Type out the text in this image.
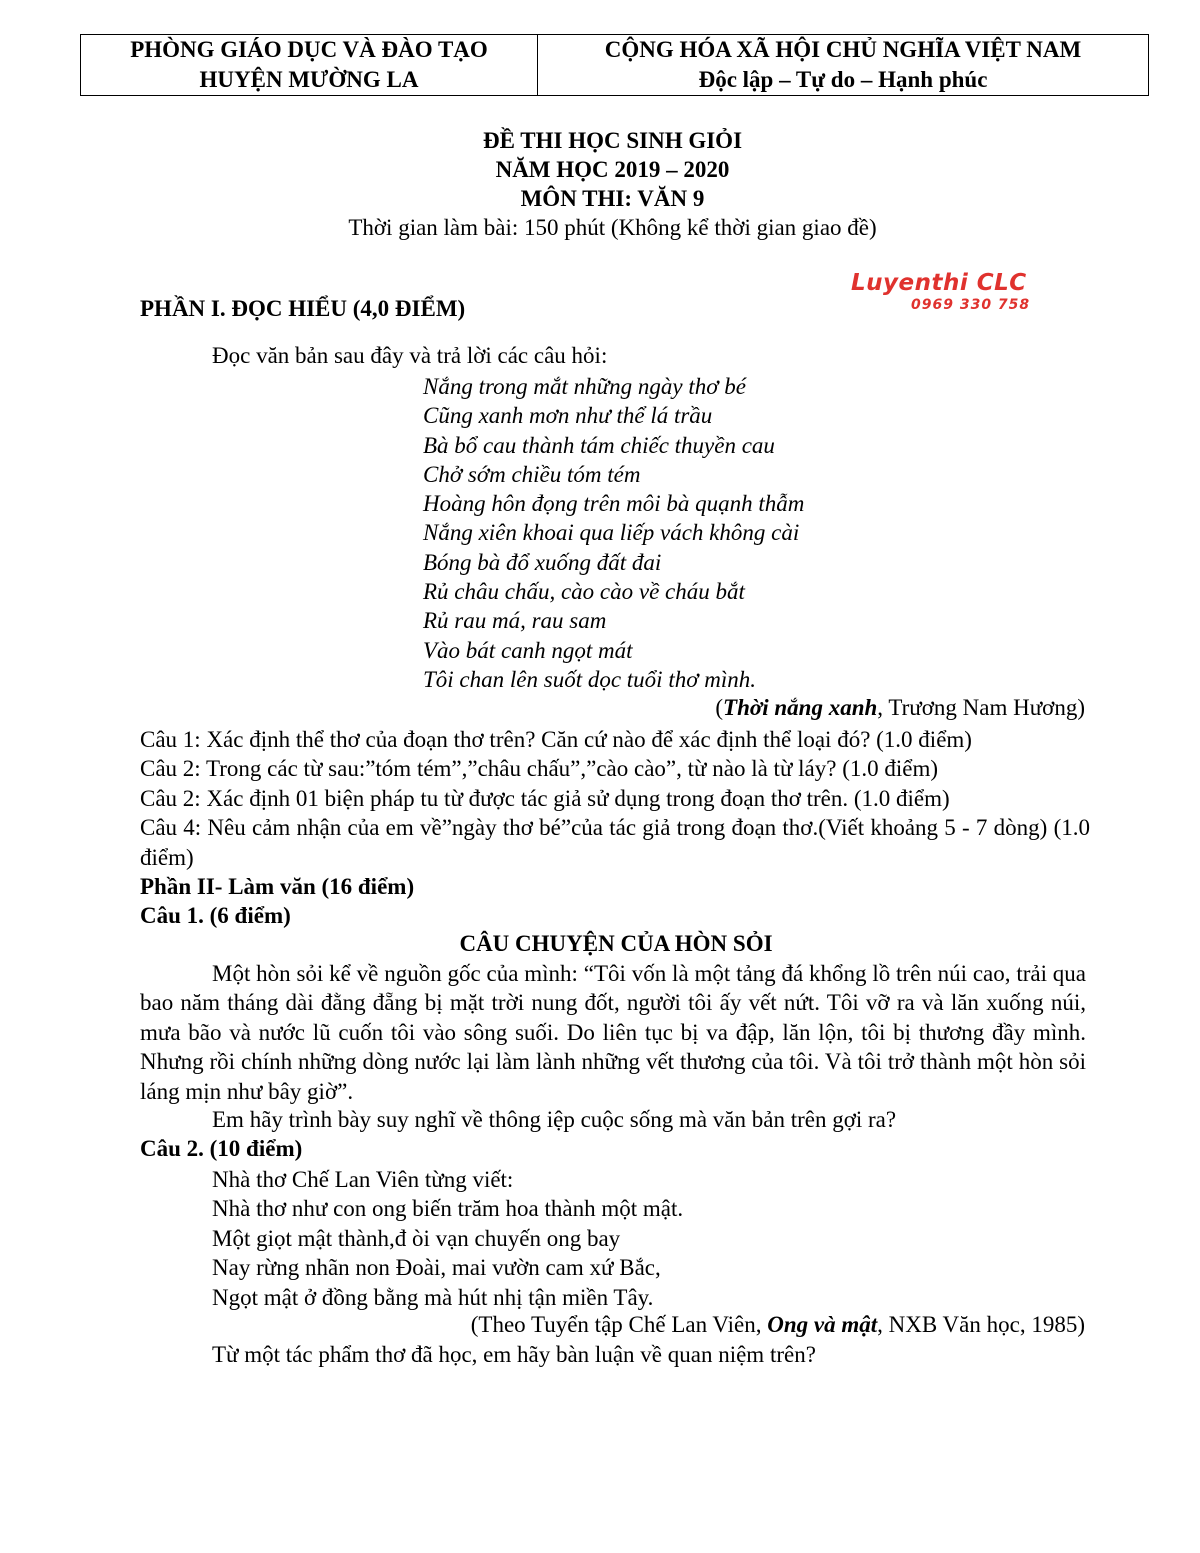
PHÒNG GIÁO DỤC VÀ ĐÀO TẠO
HUYỆN MƯỜNG LA
CỘNG HÓA XÃ HỘI CHỦ NGHĨA VIỆT NAM
Độc lập – Tự do – Hạnh phúc
ĐỀ THI HỌC SINH GIỎI
NĂM HỌC 2019 – 2020
MÔN THI: VĂN 9
Thời gian làm bài: 150 phút (Không kể thời gian giao đề)
Luyenthi CLC
0969 330 758
PHẦN I. ĐỌC HIỂU (4,0 ĐIỂM)
Đọc văn bản sau đây và trả lời các câu hỏi:
Nắng trong mắt những ngày thơ bé
Cũng xanh mơn như thể lá trầu
Bà bổ cau thành tám chiếc thuyền cau
Chở sớm chiều tóm tém
Hoàng hôn đọng trên môi bà quạnh thẫm
Nắng xiên khoai qua liếp vách không cài
Bóng bà đổ xuống đất đai
Rủ châu chấu, cào cào về cháu bắt
Rủ rau má, rau sam
Vào bát canh ngọt mát
Tôi chan lên suốt dọc tuổi thơ mình.
(Thời nắng xanh, Trương Nam Hương)
Câu 1: Xác định thể thơ của đoạn thơ trên? Căn cứ nào để xác định thể loại đó? (1.0 điểm)
Câu 2: Trong các từ sau:”tóm tém”,”châu chấu”,”cào cào”, từ nào là từ láy? (1.0 điểm)
Câu 2: Xác định 01 biện pháp tu từ được tác giả sử dụng trong đoạn thơ trên. (1.0 điểm)
Câu 4: Nêu cảm nhận của em về”ngày thơ bé”của tác giả trong đoạn thơ.(Viết khoảng 5 - 7 dòng) (1.0 điểm)
Phần II- Làm văn (16 điểm)
Câu 1. (6 điểm)
CÂU CHUYỆN CỦA HÒN SỎI
Một hòn sỏi kể về nguồn gốc của mình: “Tôi vốn là một tảng đá khổng lồ trên núi cao, trải qua bao năm tháng dài đằng đẵng bị mặt trời nung đốt, người tôi ấy vết nứt. Tôi vỡ ra và lăn xuống núi, mưa bão và nước lũ cuốn tôi vào sông suối. Do liên tục bị va đập, lăn lộn, tôi bị thương đầy mình. Nhưng rồi chính những dòng nước lại làm lành những vết thương của tôi. Và tôi trở thành một hòn sỏi láng mịn như bây giờ”.
Em hãy trình bày suy nghĩ về thông iệp cuộc sống mà văn bản trên gợi ra?
Câu 2. (10 điểm)
Nhà thơ Chế Lan Viên từng viết:
Nhà thơ như con ong biến trăm hoa thành một mật.
Một giọt mật thành,đ òi vạn chuyến ong bay
Nay rừng nhãn non Đoài, mai vườn cam xứ Bắc,
Ngọt mật ở đồng bằng mà hút nhị tận miền Tây.
(Theo Tuyển tập Chế Lan Viên, Ong và mật, NXB Văn học, 1985)
Từ một tác phẩm thơ đã học, em hãy bàn luận về quan niệm trên?
